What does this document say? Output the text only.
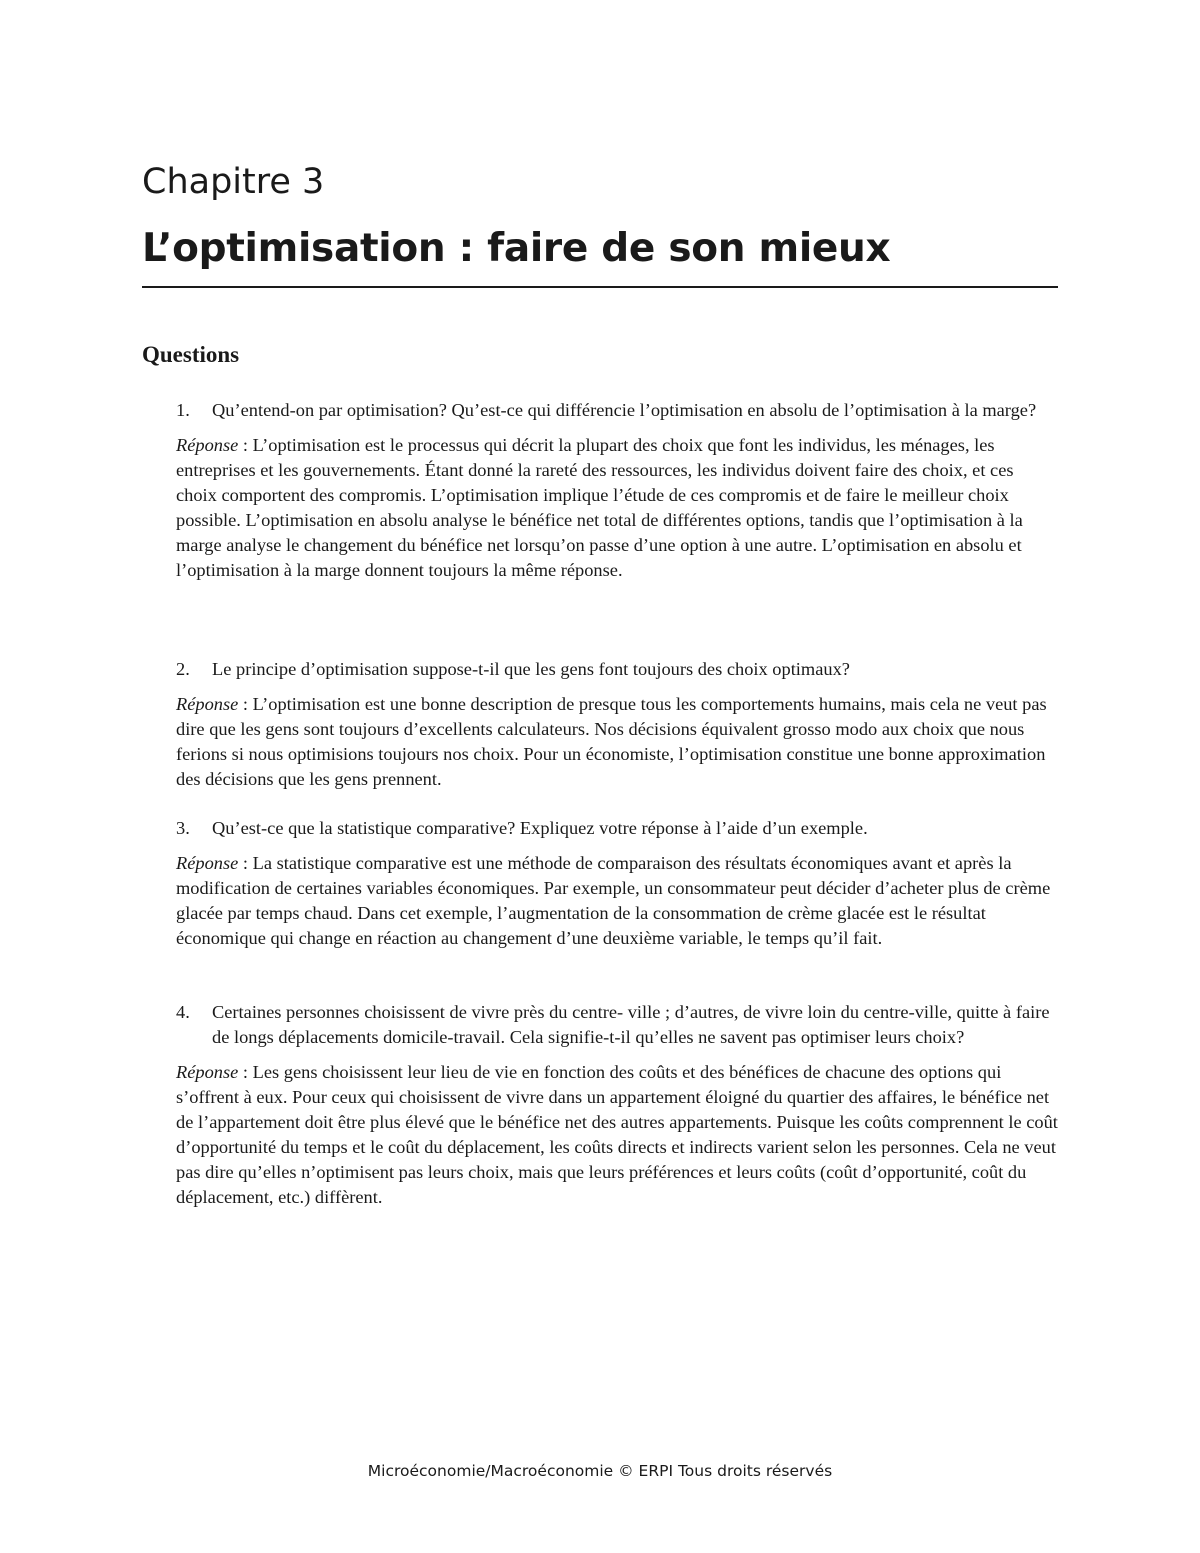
Chapitre 3
L’optimisation : faire de son mieux
Questions

1. Qu’entend-on par optimisation? Qu’est-ce qui différencie l’optimisation en absolu de l’optimisation à la marge?

Réponse : L’optimisation est le processus qui décrit la plupart des choix que font les individus, les ménages, les entreprises et les gouvernements. Étant donné la rareté des ressources, les individus doivent faire des choix, et ces choix comportent des compromis. L’optimisation implique l’étude de ces compromis et de faire le meilleur choix possible. L’optimisation en absolu analyse le bénéfice net total de différentes options, tandis que l’optimisation à la marge analyse le changement du bénéfice net lorsqu’on passe d’une option à une autre. L’optimisation en absolu et l’optimisation à la marge donnent toujours la même réponse.

2. Le principe d’optimisation suppose-t-il que les gens font toujours des choix optimaux?

Réponse : L’optimisation est une bonne description de presque tous les comportements humains, mais cela ne veut pas dire que les gens sont toujours d’excellents calculateurs. Nos décisions équivalent grosso modo aux choix que nous ferions si nous optimisions toujours nos choix. Pour un économiste, l’optimisation constitue une bonne approximation des décisions que les gens prennent.

3. Qu’est-ce que la statistique comparative? Expliquez votre réponse à l’aide d’un exemple.

Réponse : La statistique comparative est une méthode de comparaison des résultats économiques avant et après la modification de certaines variables économiques. Par exemple, un consommateur peut décider d’acheter plus de crème glacée par temps chaud. Dans cet exemple, l’augmentation de la consommation de crème glacée est le résultat économique qui change en réaction au changement d’une deuxième variable, le temps qu’il fait.

4. Certaines personnes choisissent de vivre près du centre- ville ; d’autres, de vivre loin du centre-ville, quitte à faire de longs déplacements domicile-travail. Cela signifie-t-il qu’elles ne savent pas optimiser leurs choix?

Réponse : Les gens choisissent leur lieu de vie en fonction des coûts et des bénéfices de chacune des options qui s’offrent à eux. Pour ceux qui choisissent de vivre dans un appartement éloigné du quartier des affaires, le bénéfice net de l’appartement doit être plus élevé que le bénéfice net des autres appartements. Puisque les coûts comprennent le coût d’opportunité du temps et le coût du déplacement, les coûts directs et indirects varient selon les personnes. Cela ne veut pas dire qu’elles n’optimisent pas leurs choix, mais que leurs préférences et leurs coûts (coût d’opportunité, coût du déplacement, etc.) diffèrent.

Microéconomie/Macroéconomie © ERPI Tous droits réservés
